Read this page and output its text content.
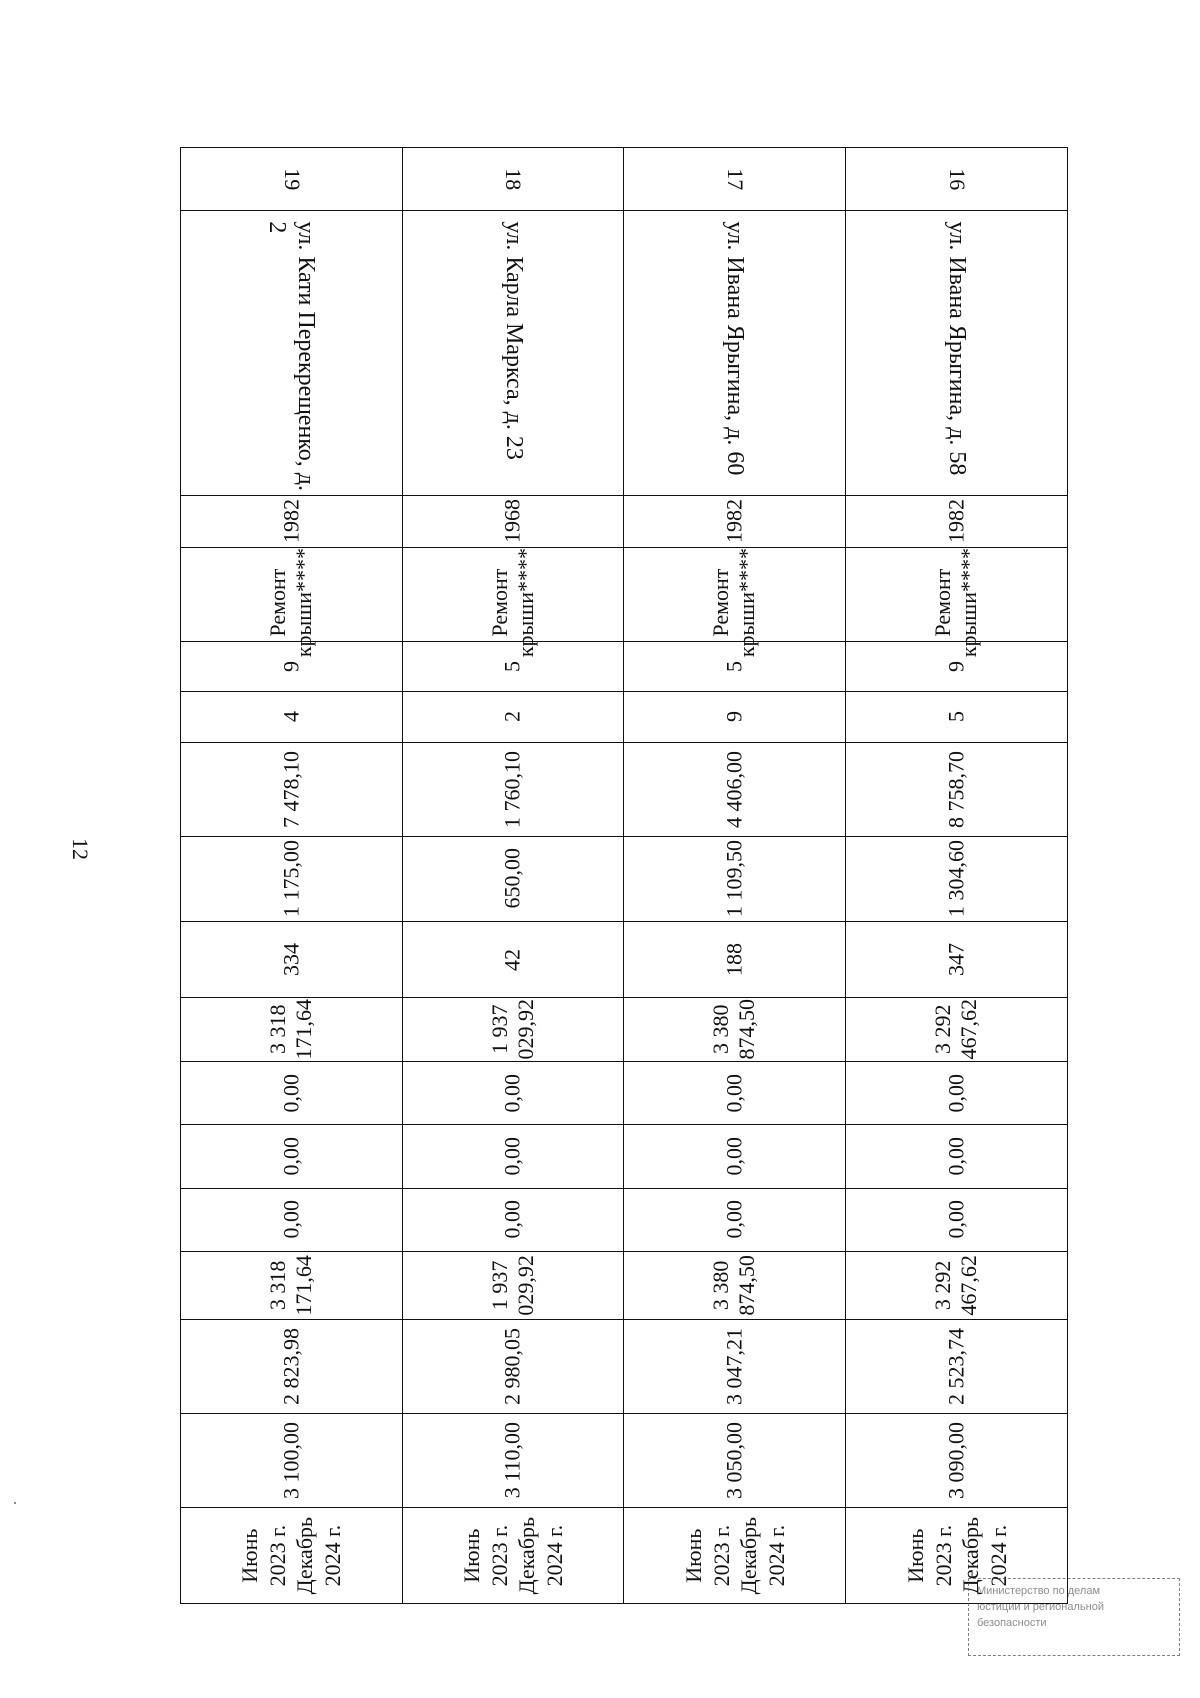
12
16	ул. Ивана Ярыгина, д. 58	1982	Ремонт крыши****	9	5	8 758,70	1 304,60	347	3 292 467,62	0,00	0,00	0,00	3 292 467,62	2 523,74	3 090,00	Июнь 2023 г. Декабрь 2024 г.

17	ул. Ивана Ярыгина, д. 60	1982	Ремонт крыши****	5	9	4 406,00	1 109,50	188	3 380 874,50	0,00	0,00	0,00	3 380 874,50	3 047,21	3 050,00	Июнь 2023 г. Декабрь 2024 г.

18	ул. Карла Маркса, д. 23	1968	Ремонт крыши****	5	2	1 760,10	650,00	42	1 937 029,92	0,00	0,00	0,00	1 937 029,92	2 980,05	3 110,00	Июнь 2023 г. Декабрь 2024 г.

19	ул. Кати Перекрещенко, д. 2	1982	Ремонт крыши****	9	4	7 478,10	1 175,00	334	3 318 171,64	0,00	0,00	0,00	3 318 171,64	2 823,98	3 100,00	Июнь 2023 г. Декабрь 2024 г.
Министерство по делам
юстиции и региональной
безопасности
